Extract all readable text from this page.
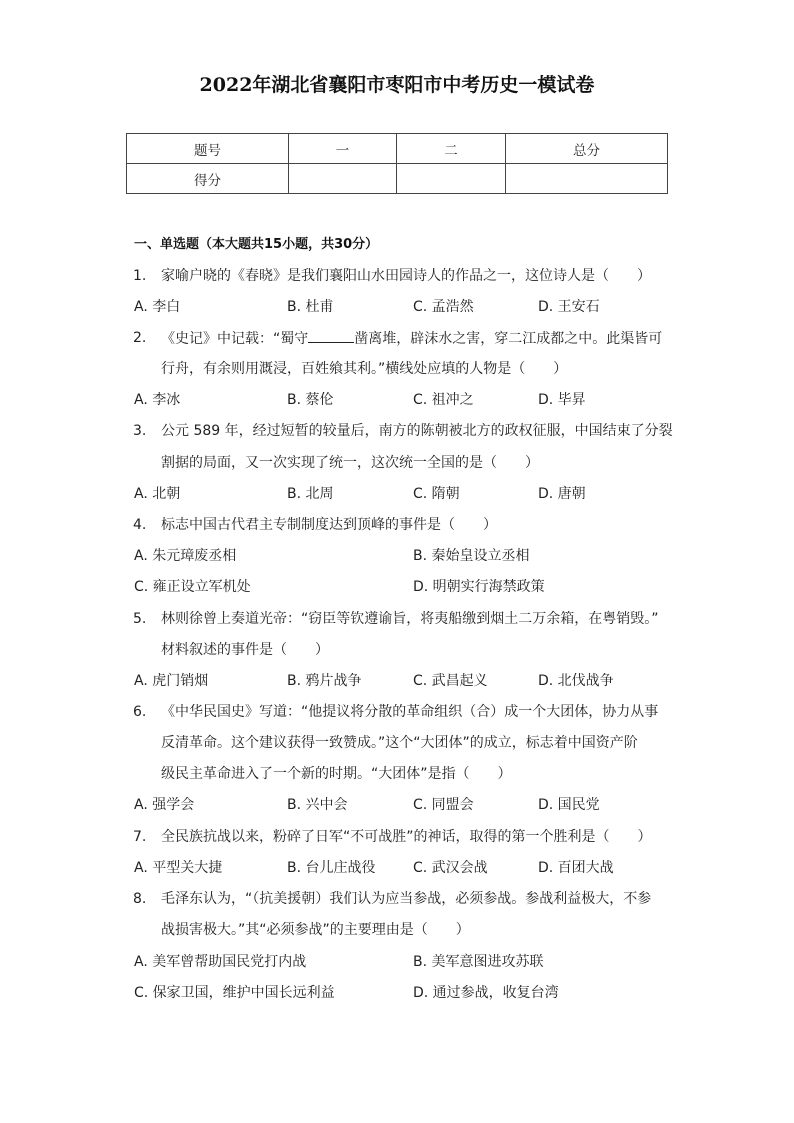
2022年湖北省襄阳市枣阳市中考历史一模试卷
题号	一	二	总分
得分			
一、单选题（本大题共15小题，共30分）
1. 家喻户晓的《春晓》是我们襄阳山水田园诗人的作品之一，这位诗人是（　　）
A. 李白	B. 杜甫	C. 孟浩然	D. 王安石
2. 《史记》中记载：“蜀守	凿离堆，辟沫水之害，穿二江成都之中。此渠皆可
行舟，有余则用溉浸，百姓飨其利。”横线处应填的人物是（　　）
A. 李冰	B. 蔡伦	C. 祖冲之	D. 毕昇
3. 公元 589 年，经过短暂的较量后，南方的陈朝被北方的政权征服，中国结束了分裂
割据的局面，又一次实现了统一，这次统一全国的是（　　）
A. 北朝	B. 北周	C. 隋朝	D. 唐朝
4. 标志中国古代君主专制制度达到顶峰的事件是（　　）
A. 朱元璋废丞相	B. 秦始皇设立丞相
C. 雍正设立军机处	D. 明朝实行海禁政策
5. 林则徐曾上奏道光帝：“窃臣等钦遵谕旨，将夷船缴到烟土二万余箱，在粤销毁。”
材料叙述的事件是（　　）
A. 虎门销烟	B. 鸦片战争	C. 武昌起义	D. 北伐战争
6. 《中华民国史》写道：“他提议将分散的革命组织（合）成一个大团体，协力从事
反清革命。这个建议获得一致赞成。”这个“大团体”的成立，标志着中国资产阶
级民主革命进入了一个新的时期。“大团体”是指（　　）
A. 强学会	B. 兴中会	C. 同盟会	D. 国民党
7. 全民族抗战以来，粉碎了日军“不可战胜”的神话，取得的第一个胜利是（　　）
A. 平型关大捷	B. 台儿庄战役	C. 武汉会战	D. 百团大战
8. 毛泽东认为，“（抗美援朝）我们认为应当参战，必须参战。参战利益极大，不参
战损害极大。”其“必须参战”的主要理由是（　　）
A. 美军曾帮助国民党打内战	B. 美军意图进攻苏联
C. 保家卫国，维护中国长远利益	D. 通过参战，收复台湾
